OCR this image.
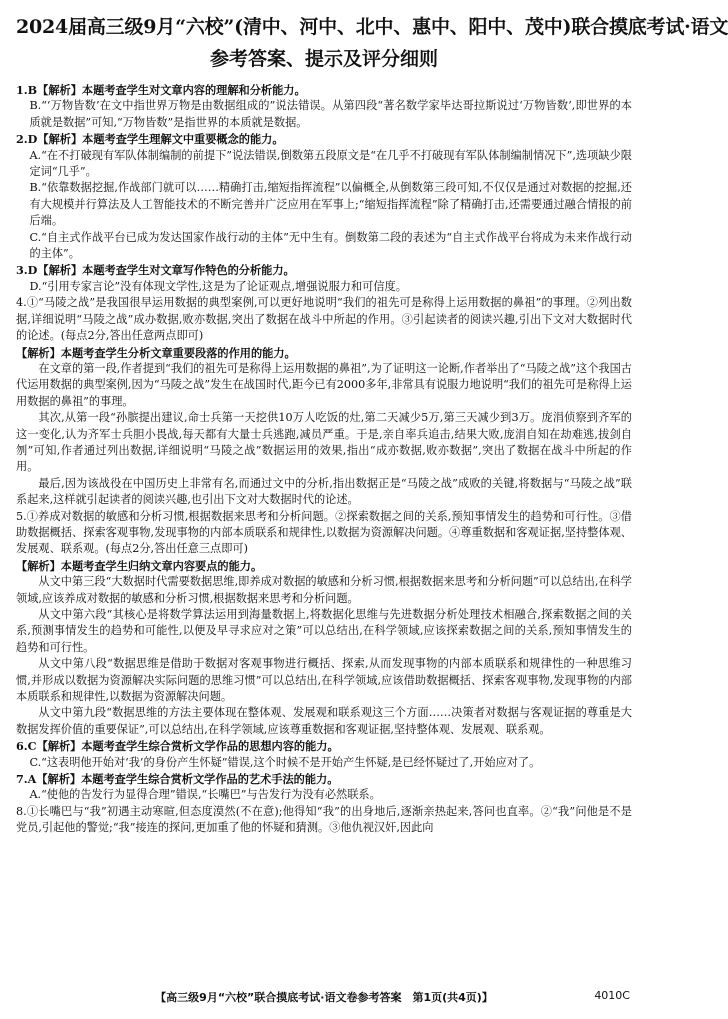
2024届高三级9月“六校”(清中、河中、北中、惠中、阳中、茂中)联合摸底考试·语文
参考答案、提示及评分细则

1.B【解析】本题考查学生对文章内容的理解和分析能力。

B.“‘万物皆数’在文中指世界万物是由数据组成的”说法错误。从第四段“著名数学家毕达哥拉斯说过‘万物皆数’,即世界的本质就是数据”可知,“万物皆数”是指世界的本质就是数据。

2.D【解析】本题考查学生理解文中重要概念的能力。

A.“在不打破现有军队体制编制的前提下”说法错误,倒数第五段原文是“在几乎不打破现有军队体制编制情况下”,选项缺少限定词“几乎”。

B.“依靠数据挖掘,作战部门就可以……精确打击,缩短指挥流程”以偏概全,从倒数第三段可知,不仅仅是通过对数据的挖掘,还有大规模并行算法及人工智能技术的不断完善并广泛应用在军事上;“缩短指挥流程”除了精确打击,还需要通过融合情报的前后端。

C.“自主式作战平台已成为发达国家作战行动的主体”无中生有。倒数第二段的表述为“自主式作战平台将成为未来作战行动的主体”。

3.D【解析】本题考查学生对文章写作特色的分析能力。

D.“引用专家言论”没有体现文学性,这是为了论证观点,增强说服力和可信度。

4.①“马陵之战”是我国很早运用数据的典型案例,可以更好地说明“我们的祖先可是称得上运用数据的鼻祖”的事理。②列出数据,详细说明“马陵之战”成办数据,败亦数据,突出了数据在战斗中所起的作用。③引起读者的阅读兴趣,引出下文对大数据时代的论述。(每点2分,答出任意两点即可)

【解析】本题考查学生分析文章重要段落的作用的能力。

在文章的第一段,作者提到“我们的祖先可是称得上运用数据的鼻祖”,为了证明这一论断,作者举出了“马陵之战”这个我国古代运用数据的典型案例,因为“马陵之战”发生在战国时代,距今已有2000多年,非常具有说服力地说明“我们的祖先可是称得上运用数据的鼻祖”的事理。

其次,从第一段“孙膑提出建议,命士兵第一天挖供10万人吃饭的灶,第二天减少5万,第三天减少到3万。庞涓侦察到齐军的这一变化,认为齐军士兵胆小畏战,每天都有大量士兵逃跑,减员严重。于是,亲自率兵追击,结果大败,庞涓自知在劫难逃,拔剑自刎”可知,作者通过列出数据,详细说明“马陵之战”数据运用的效果,指出“成亦数据,败亦数据”,突出了数据在战斗中所起的作用。

最后,因为该战役在中国历史上非常有名,而通过文中的分析,指出数据正是“马陵之战”成败的关键,将数据与“马陵之战”联系起来,这样就引起读者的阅读兴趣,也引出下文对大数据时代的论述。

5.①养成对数据的敏感和分析习惯,根据数据来思考和分析问题。②探索数据之间的关系,预知事情发生的趋势和可行性。③借助数据概括、探索客观事物,发现事物的内部本质联系和规律性,以数据为资源解决问题。④尊重数据和客观证据,坚持整体观、发展观、联系观。(每点2分,答出任意三点即可)

【解析】本题考查学生归纳文章内容要点的能力。

从文中第三段“大数据时代需要数据思维,即养成对数据的敏感和分析习惯,根据数据来思考和分析问题”可以总结出,在科学领域,应该养成对数据的敏感和分析习惯,根据数据来思考和分析问题。

从文中第六段“其核心是将数学算法运用到海量数据上,将数据化思维与先进数据分析处理技术相融合,探索数据之间的关系,预测事情发生的趋势和可能性,以便及早寻求应对之策”可以总结出,在科学领域,应该探索数据之间的关系,预知事情发生的趋势和可行性。

从文中第八段“数据思维是借助于数据对客观事物进行概括、探索,从而发现事物的内部本质联系和规律性的一种思维习惯,并形成以数据为资源解决实际问题的思维习惯”可以总结出,在科学领域,应该借助数据概括、探索客观事物,发现事物的内部本质联系和规律性,以数据为资源解决问题。

从文中第九段“数据思维的方法主要体现在整体观、发展观和联系观这三个方面……决策者对数据与客观证据的尊重是大数据发挥价值的重要保证”,可以总结出,在科学领域,应该尊重数据和客观证据,坚持整体观、发展观、联系观。

6.C【解析】本题考查学生综合赏析文学作品的思想内容的能力。

C.“这表明他开始对‘我’的身份产生怀疑”错误,这个时候不是开始产生怀疑,是已经怀疑过了,开始应对了。

7.A【解析】本题考查学生综合赏析文学作品的艺术手法的能力。

A.“使他的告发行为显得合理”错误,“长嘴巴”与告发行为没有必然联系。

8.①长嘴巴与“我”初遇主动寒暄,但态度漠然(不在意);他得知“我”的出身地后,逐渐亲热起来,答问也直率。②“我”问他是不是党员,引起他的警觉;“我”接连的探问,更加重了他的怀疑和猜测。③他仇视汉奸,因此向

【高三级9月“六校”联合摸底考试·语文卷参考答案　第1页(共4页)】	4010C
